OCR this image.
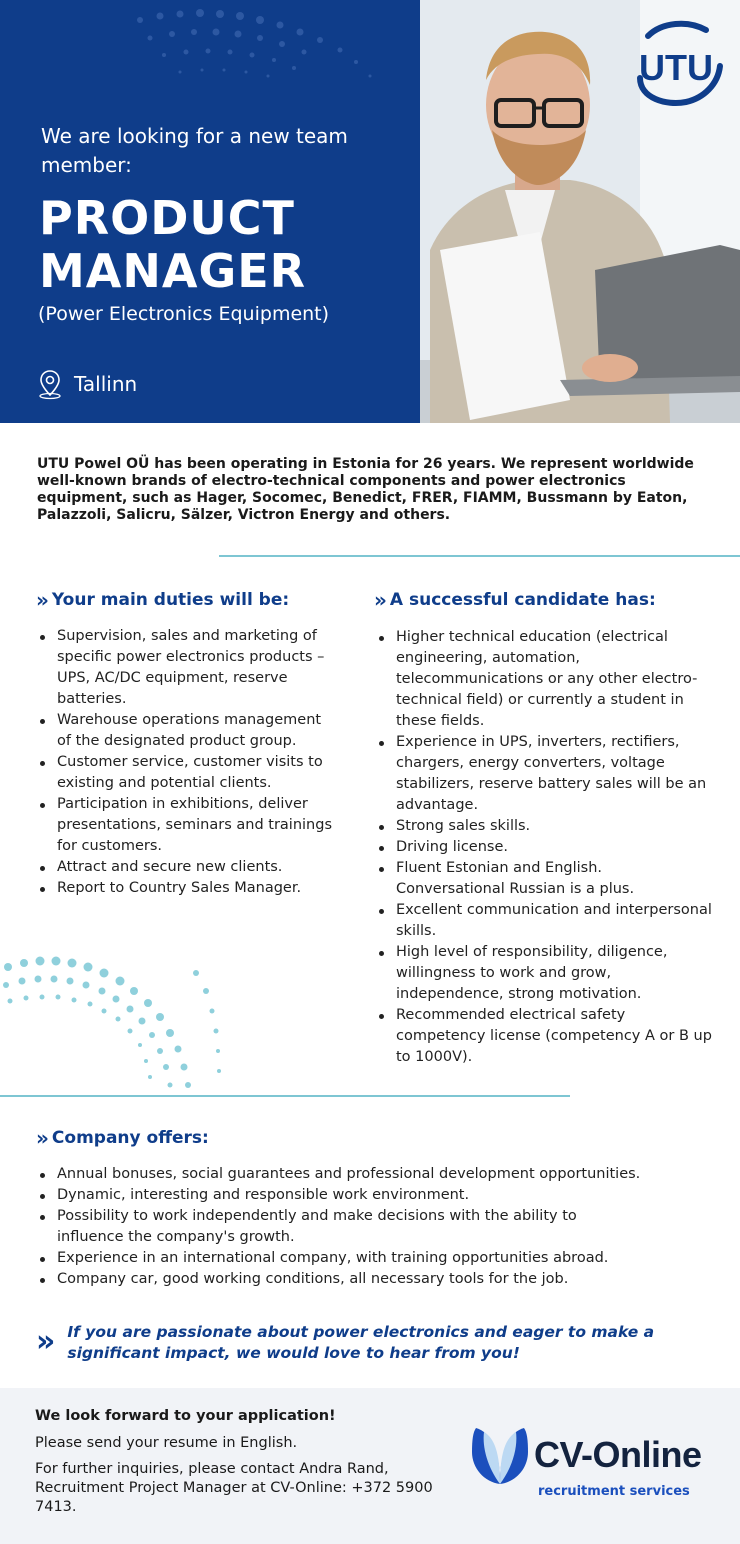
We are looking for a new team member:
PRODUCT
MANAGER
(Power Electronics Equipment)
Tallinn
UTU

UTU Powel OÜ has been operating in Estonia for 26 years. We represent worldwide well-known brands of electro-technical components and power electronics equipment, such as Hager, Socomec, Benedict, FRER, FIAMM, Bussmann by Eaton, Palazzoli, Salicru, Sälzer, Victron Energy and others.

» Your main duties will be:
Supervision, sales and marketing of specific power electronics products – UPS, AC/DC equipment, reserve batteries.
Warehouse operations management of the designated product group.
Customer service, customer visits to existing and potential clients.
Participation in exhibitions, deliver presentations, seminars and trainings for customers.
Attract and secure new clients.
Report to Country Sales Manager.
» A successful candidate has:
Higher technical education (electrical engineering, automation, telecommunications or any other electro-technical field) or currently a student in these fields.
Experience in UPS, inverters, rectifiers, chargers, energy converters, voltage stabilizers, reserve battery sales will be an advantage.
Strong sales skills.
Driving license.
Fluent Estonian and English. Conversational Russian is a plus.
Excellent communication and interpersonal skills.
High level of responsibility, diligence, willingness to work and grow, independence, strong motivation.
Recommended electrical safety competency license (competency A or B up to 1000V).
» Company offers:
Annual bonuses, social guarantees and professional development opportunities.
Dynamic, interesting and responsible work environment.
Possibility to work independently and make decisions with the ability to influence the company's growth.
Experience in an international company, with training opportunities abroad.
Company car, good working conditions, all necessary tools for the job.
» If you are passionate about power electronics and eager to make a significant impact, we would love to hear from you!
We look forward to your application!
Please send your resume in English.
For further inquiries, please contact Andra Rand, Recruitment Project Manager at CV-Online: +372 5900 7413.
CV-Online
recruitment services
